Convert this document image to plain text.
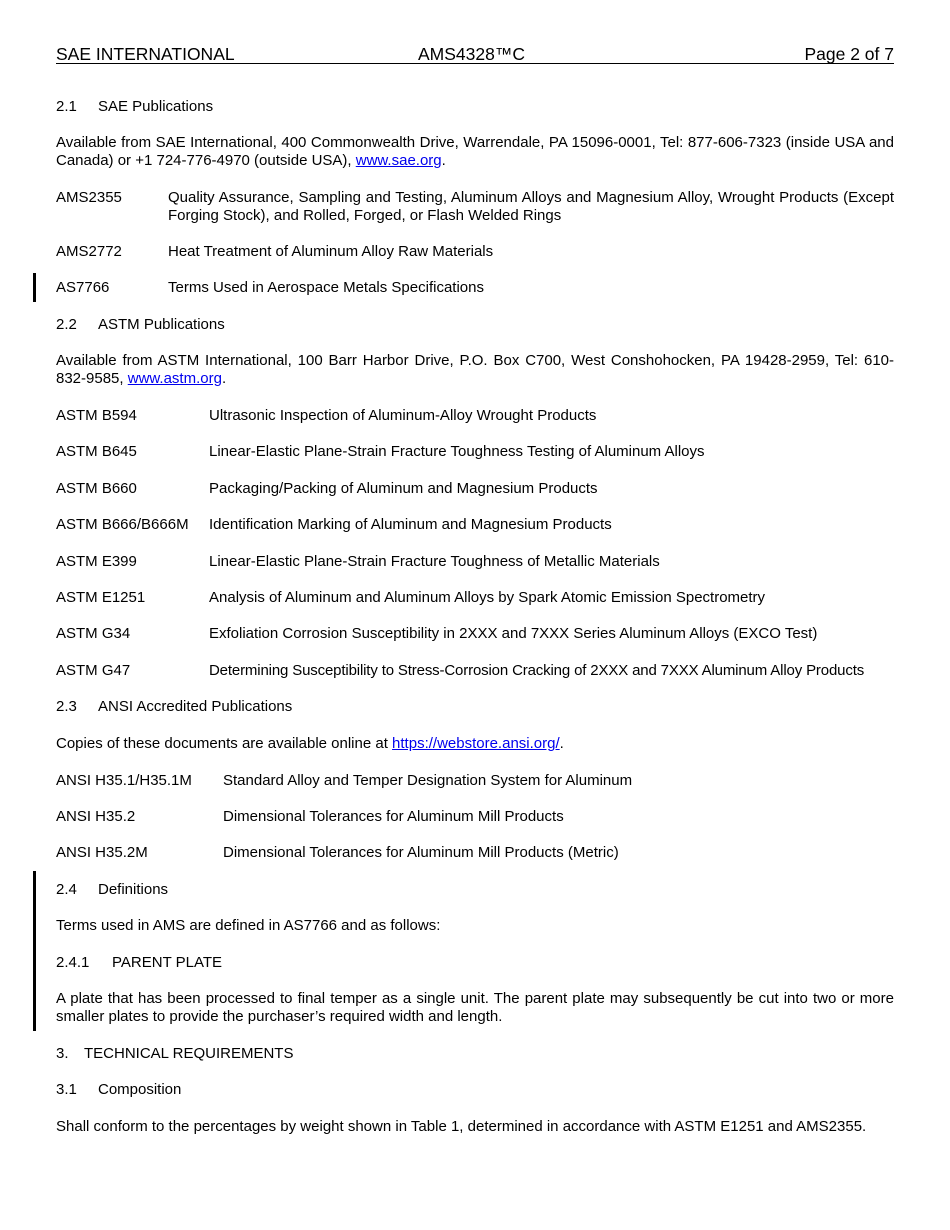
SAE INTERNATIONAL	AMS4328™C	Page 2 of 7
2.1 SAE Publications
Available from SAE International, 400 Commonwealth Drive, Warrendale, PA 15096-0001, Tel: 877-606-7323 (inside USA and Canada) or +1 724-776-4970 (outside USA), www.sae.org.
AMS2355	Quality Assurance, Sampling and Testing, Aluminum Alloys and Magnesium Alloy, Wrought Products (Except Forging Stock), and Rolled, Forged, or Flash Welded Rings
AMS2772	Heat Treatment of Aluminum Alloy Raw Materials
AS7766	Terms Used in Aerospace Metals Specifications
2.2 ASTM Publications
Available from ASTM International, 100 Barr Harbor Drive, P.O. Box C700, West Conshohocken, PA 19428-2959, Tel: 610-832-9585, www.astm.org.
ASTM B594	Ultrasonic Inspection of Aluminum-Alloy Wrought Products
ASTM B645	Linear-Elastic Plane-Strain Fracture Toughness Testing of Aluminum Alloys
ASTM B660	Packaging/Packing of Aluminum and Magnesium Products
ASTM B666/B666M Identification Marking of Aluminum and Magnesium Products
ASTM E399	Linear-Elastic Plane-Strain Fracture Toughness of Metallic Materials
ASTM E1251	Analysis of Aluminum and Aluminum Alloys by Spark Atomic Emission Spectrometry
ASTM G34	Exfoliation Corrosion Susceptibility in 2XXX and 7XXX Series Aluminum Alloys (EXCO Test)
ASTM G47	Determining Susceptibility to Stress-Corrosion Cracking of 2XXX and 7XXX Aluminum Alloy Products
2.3 ANSI Accredited Publications
Copies of these documents are available online at https://webstore.ansi.org/.
ANSI H35.1/H35.1M Standard Alloy and Temper Designation System for Aluminum
ANSI H35.2	Dimensional Tolerances for Aluminum Mill Products
ANSI H35.2M	Dimensional Tolerances for Aluminum Mill Products (Metric)
2.4 Definitions
Terms used in AMS are defined in AS7766 and as follows:
2.4.1 PARENT PLATE
A plate that has been processed to final temper as a single unit. The parent plate may subsequently be cut into two or more smaller plates to provide the purchaser’s required width and length.
3. TECHNICAL REQUIREMENTS
3.1 Composition
Shall conform to the percentages by weight shown in Table 1, determined in accordance with ASTM E1251 and AMS2355.
